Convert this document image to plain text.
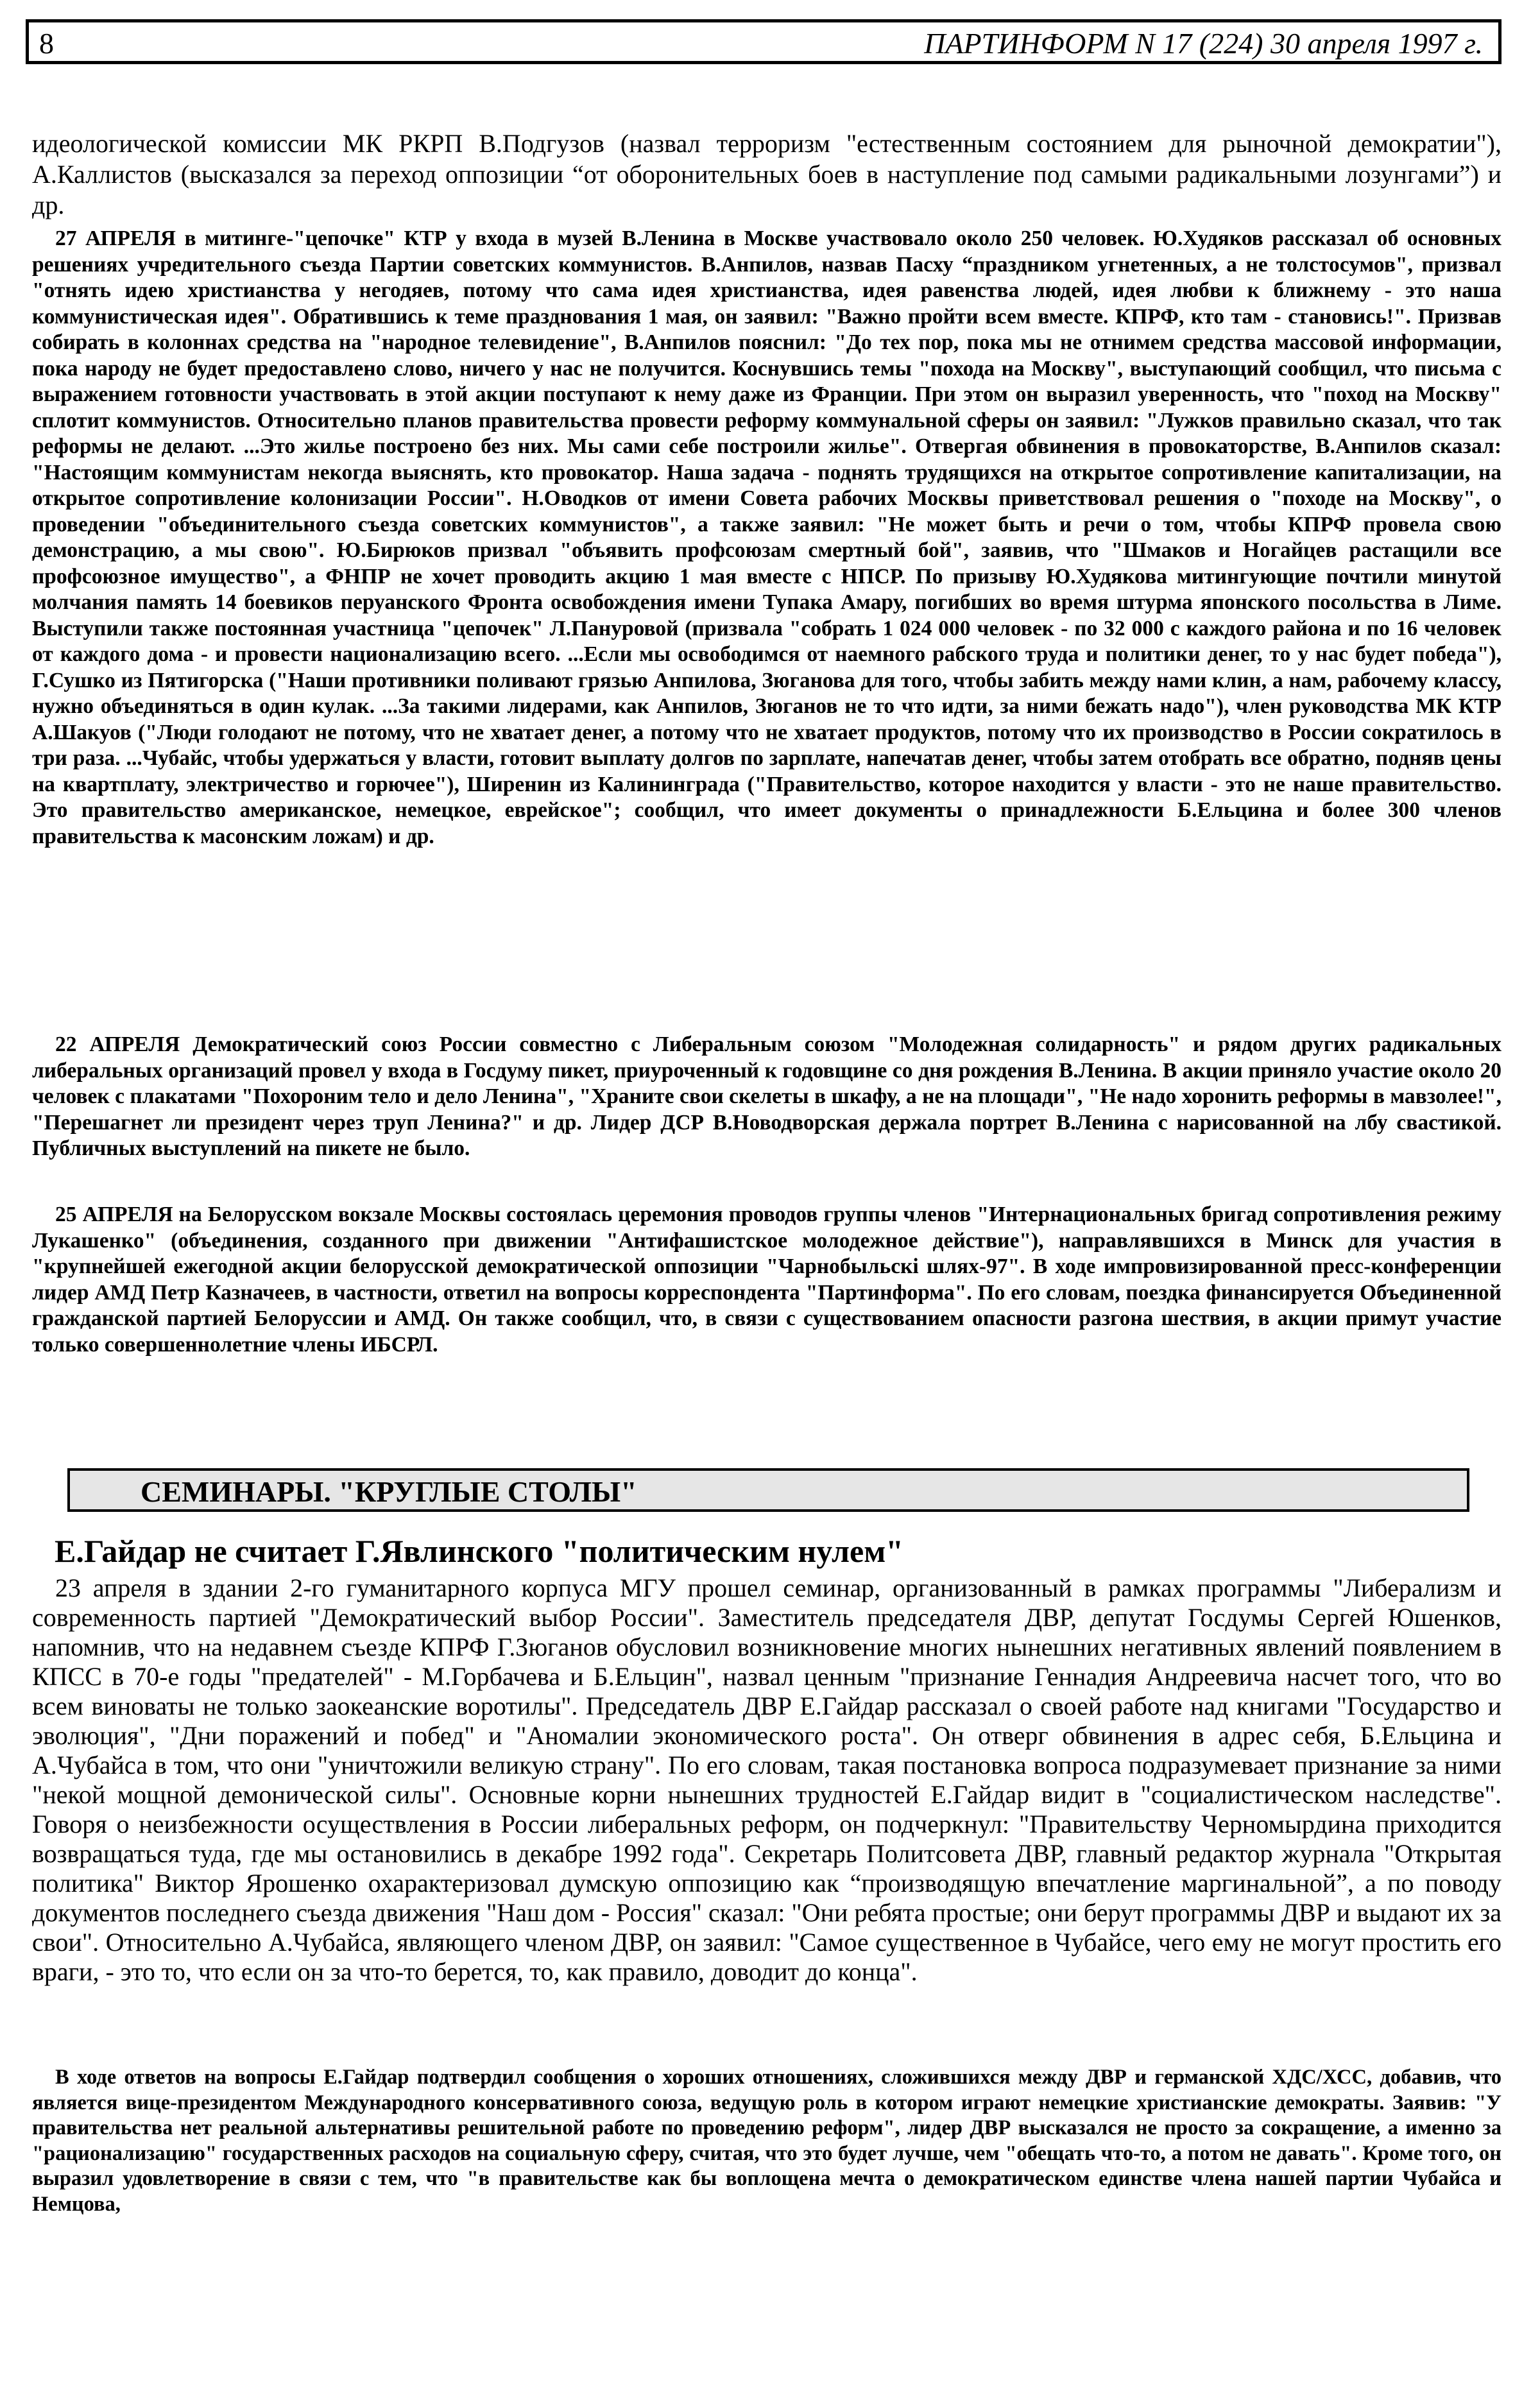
8	ПАРТИНФОРМ N 17 (224) 30 апреля 1997 г.
идеологической комиссии МК РКРП В.Подгузов (назвал терроризм "естественным состоянием для рыночной демократии"), А.Каллистов (высказался за переход оппозиции “от оборонительных боев в наступление под самыми радикальными лозунгами”) и др.
27 АПРЕЛЯ в митинге-"цепочке" КТР у входа в музей В.Ленина в Москве участвовало около 250 человек. Ю.Худяков рассказал об основных решениях учредительного съезда Партии советских коммунистов. В.Анпилов, назвав Пасху “праздником угнетенных, а не толстосумов", призвал "отнять идею христианства у негодяев, потому что сама идея христианства, идея равенства людей, идея любви к ближнему - это наша коммунистическая идея". Обратившись к теме празднования 1 мая, он заявил: "Важно пройти всем вместе. КПРФ, кто там - становись!". Призвав собирать в колоннах средства на "народное телевидение", В.Анпилов пояснил: "До тех пор, пока мы не отнимем средства массовой информации, пока народу не будет предоставлено слово, ничего у нас не получится. Коснувшись темы "похода на Москву", выступающий сообщил, что письма с выражением готовности участвовать в этой акции поступают к нему даже из Франции. При этом он выразил уверенность, что "поход на Москву" сплотит коммунистов. Относительно планов правительства провести реформу коммунальной сферы он заявил: "Лужков правильно сказал, что так реформы не делают. ...Это жилье построено без них. Мы сами себе построили жилье". Отвергая обвинения в провокаторстве, В.Анпилов сказал: "Настоящим коммунистам некогда выяснять, кто провокатор. Наша задача - поднять трудящихся на открытое сопротивление капитализации, на открытое сопротивление колонизации России". Н.Оводков от имени Совета рабочих Москвы приветствовал решения о "походе на Москву", о проведении "объединительного съезда советских коммунистов", а также заявил: "Не может быть и речи о том, чтобы КПРФ провела свою демонстрацию, а мы свою". Ю.Бирюков призвал "объявить профсоюзам смертный бой", заявив, что "Шмаков и Ногайцев растащили все профсоюзное имущество", а ФНПР не хочет проводить акцию 1 мая вместе с НПСР. По призыву Ю.Худякова митингующие почтили минутой молчания память 14 боевиков перуанского Фронта освобождения имени Тупака Амару, погибших во время штурма японского посольства в Лиме. Выступили также постоянная участница "цепочек" Л.Пануровой (призвала "собрать 1 024 000 человек - по 32 000 с каждого района и по 16 человек от каждого дома - и провести национализацию всего. ...Если мы освободимся от наемного рабского труда и политики денег, то у нас будет победа"), Г.Сушко из Пятигорска ("Наши противники поливают грязью Анпилова, Зюганова для того, чтобы забить между нами клин, а нам, рабочему классу, нужно объединяться в один кулак. ...За такими лидерами, как Анпилов, Зюганов не то что идти, за ними бежать надо"), член руководства МК КТР А.Шакуов ("Люди голодают не потому, что не хватает денег, а потому что не хватает продуктов, потому что их производство в России сократилось в три раза. ...Чубайс, чтобы удержаться у власти, готовит выплату долгов по зарплате, напечатав денег, чтобы затем отобрать все обратно, подняв цены на квартплату, электричество и горючее"), Ширенин из Калининграда ("Правительство, которое находится у власти - это не наше правительство. Это правительство американское, немецкое, еврейское"; сообщил, что имеет документы о принадлежности Б.Ельцина и более 300 членов правительства к масонским ложам) и др.
22 АПРЕЛЯ Демократический союз России совместно с Либеральным союзом "Молодежная солидарность" и рядом других радикальных либеральных организаций провел у входа в Госдуму пикет, приуроченный к годовщине со дня рождения В.Ленина. В акции приняло участие около 20 человек с плакатами "Похороним тело и дело Ленина", "Храните свои скелеты в шкафу, а не на площади", "Не надо хоронить реформы в мавзолее!", "Перешагнет ли президент через труп Ленина?" и др. Лидер ДСР В.Новодворская держала портрет В.Ленина с нарисованной на лбу свастикой. Публичных выступлений на пикете не было.
25 АПРЕЛЯ на Белорусском вокзале Москвы состоялась церемония проводов группы членов "Интернациональных бригад сопротивления режиму Лукашенко" (объединения, созданного при движении "Антифашистское молодежное действие"), направлявшихся в Минск для участия в "крупнейшей ежегодной акции белорусской демократической оппозиции "Чарнобыльскі шлях-97". В ходе импровизированной пресс-конференции лидер АМД Петр Казначеев, в частности, ответил на вопросы корреспондента "Партинформа". По его словам, поездка финансируется Объединенной гражданской партией Белоруссии и АМД. Он также сообщил, что, в связи с существованием опасности разгона шествия, в акции примут участие только совершеннолетние члены ИБСРЛ.
СЕМИНАРЫ. "КРУГЛЫЕ СТОЛЫ"
Е.Гайдар не считает Г.Явлинского "политическим нулем"
23 апреля в здании 2-го гуманитарного корпуса МГУ прошел семинар, организованный в рамках программы "Либерализм и современность партией "Демократический выбор России". Заместитель председателя ДВР, депутат Госдумы Сергей Юшенков, напомнив, что на недавнем съезде КПРФ Г.Зюганов обусловил возникновение многих нынешних негативных явлений появлением в КПСС в 70-е годы "предателей" - М.Горбачева и Б.Ельцин", назвал ценным "признание Геннадия Андреевича насчет того, что во всем виноваты не только заокеанские воротилы". Председатель ДВР Е.Гайдар рассказал о своей работе над книгами "Государство и эволюция", "Дни поражений и побед" и "Аномалии экономического роста". Он отверг обвинения в адрес себя, Б.Ельцина и А.Чубайса в том, что они "уничтожили великую страну". По его словам, такая постановка вопроса подразумевает признание за ними "некой мощной демонической силы". Основные корни нынешних трудностей Е.Гайдар видит в "социалистическом наследстве". Говоря о неизбежности осуществления в России либеральных реформ, он подчеркнул: "Правительству Черномырдина приходится возвращаться туда, где мы остановились в декабре 1992 года". Секретарь Политсовета ДВР, главный редактор журнала "Открытая политика" Виктор Ярошенко охарактеризовал думскую оппозицию как “производящую впечатление маргинальной”, а по поводу документов последнего съезда движения "Наш дом - Россия" сказал: "Они ребята простые; они берут программы ДВР и выдают их за свои". Относительно А.Чубайса, являющего членом ДВР, он заявил: "Самое существенное в Чубайсе, чего ему не могут простить его враги, - это то, что если он за что-то берется, то, как правило, доводит до конца".
В ходе ответов на вопросы Е.Гайдар подтвердил сообщения о хороших отношениях, сложившихся между ДВР и германской ХДС/ХСС, добавив, что является вице-президентом Международного консервативного союза, ведущую роль в котором играют немецкие христианские демократы. Заявив: "У правительства нет реальной альтернативы решительной работе по проведению реформ", лидер ДВР высказался не просто за сокращение, а именно за "рационализацию" государственных расходов на социальную сферу, считая, что это будет лучше, чем "обещать что-то, а потом не давать". Кроме того, он выразил удовлетворение в связи с тем, что "в правительстве как бы воплощена мечта о демократическом единстве члена нашей партии Чубайса и Немцова,
